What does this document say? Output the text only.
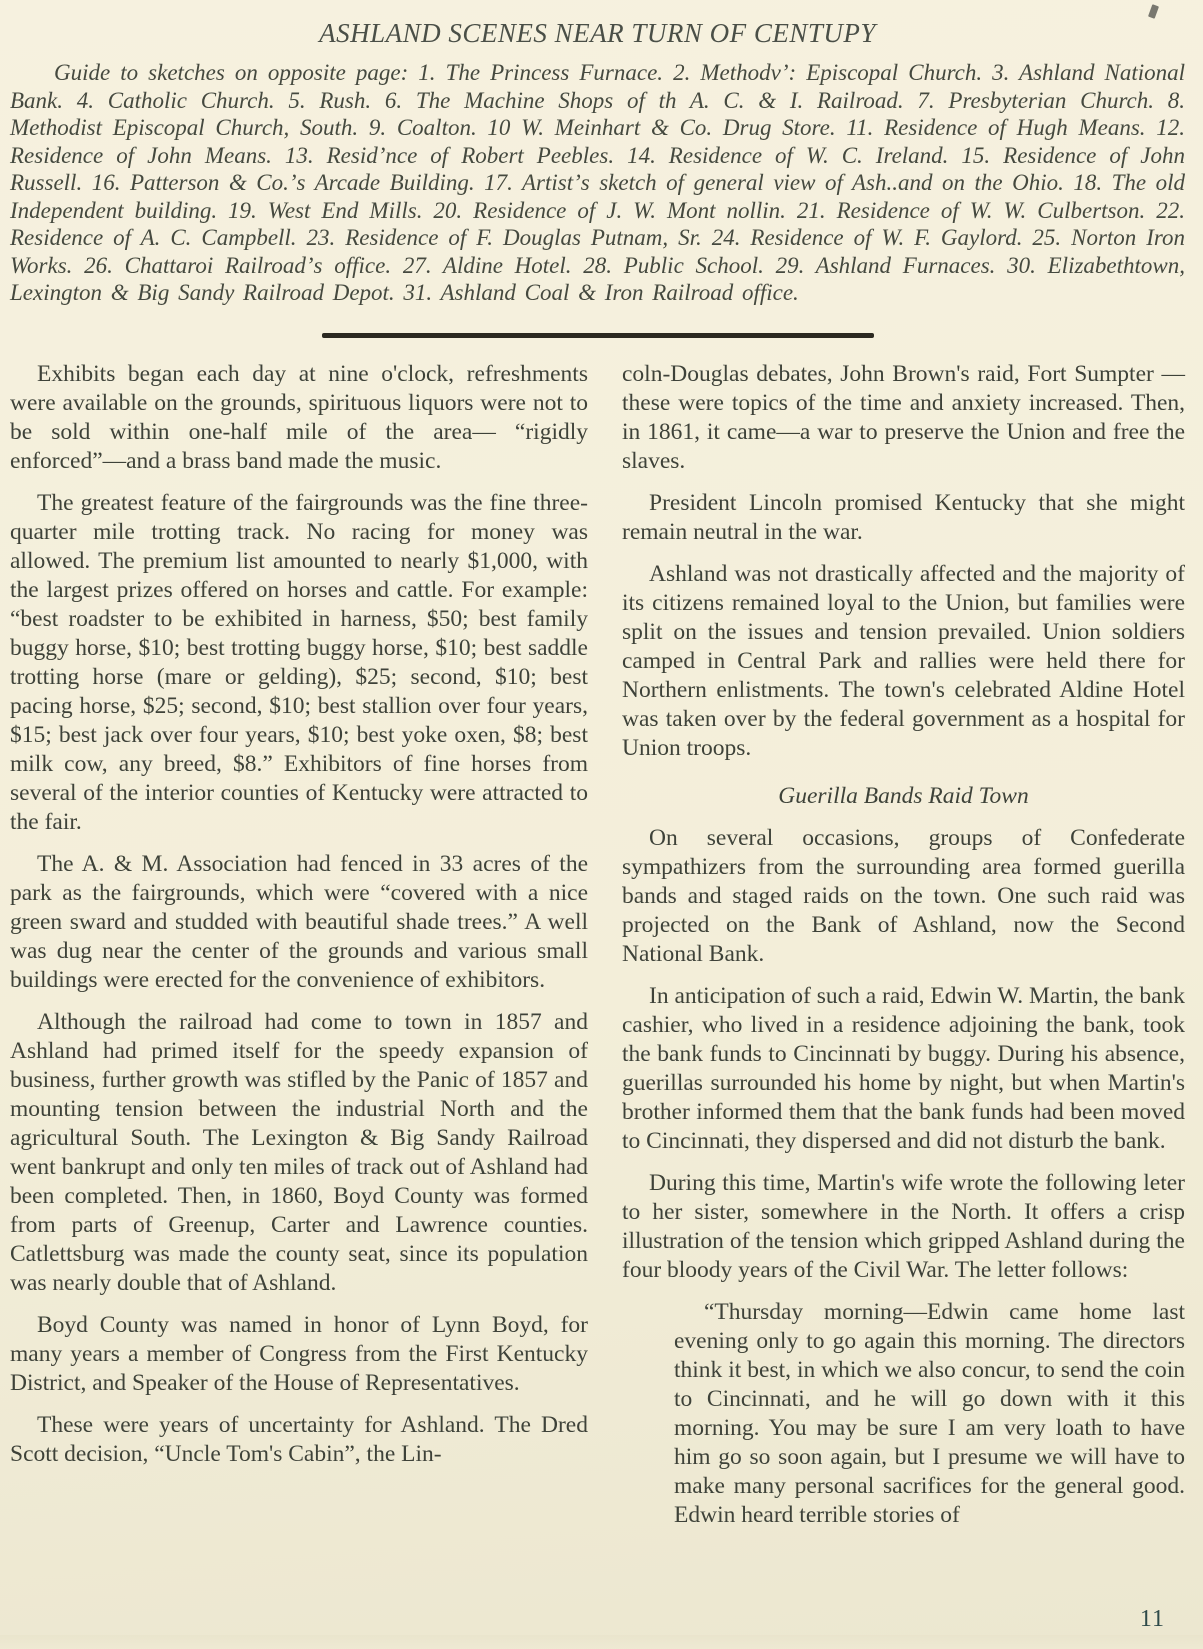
ASHLAND SCENES NEAR TURN OF CENTUPY

Guide to sketches on opposite page: 1. The Princess Furnace. 2. Methodvʼ: Episcopal Church. 3. Ashland National Bank. 4. Catholic Church. 5. Rush. 6. The Machine Shops of th A. C. & I. Railroad. 7. Presbyterian Church. 8. Methodist Episcopal Church, South. 9. Coalton. 10 W. Meinhart & Co. Drug Store. 11. Residence of Hugh Means. 12. Residence of John Means. 13. Residʼnce of Robert Peebles. 14. Residence of W. C. Ireland. 15. Residence of John Russell. 16. Patterson & Co.ʼs Arcade Building. 17. Artistʼs sketch of general view of Ash..and on the Ohio. 18. The old Independent building. 19. West End Mills. 20. Residence of J. W. Mont nollin. 21. Residence of W. W. Culbertson. 22. Residence of A. C. Campbell. 23. Residence of F. Douglas Putnam, Sr. 24. Residence of W. F. Gaylord. 25. Norton Iron Works. 26. Chattaroi Railroadʼs office. 27. Aldine Hotel. 28. Public School. 29. Ashland Furnaces. 30. Elizabethtown, Lexington & Big Sandy Railroad Depot. 31. Ashland Coal & Iron Railroad office.

Exhibits began each day at nine o'clock, refreshments were available on the grounds, spirituous liquors were not to be sold within one-half mile of the area— “rigidly enforced”—and a brass band made the music.

The greatest feature of the fairgrounds was the fine three-quarter mile trotting track. No racing for money was allowed. The premium list amounted to nearly $1,000, with the largest prizes offered on horses and cattle. For example: “best roadster to be exhibited in harness, $50; best family buggy horse, $10; best trotting buggy horse, $10; best saddle trotting horse (mare or gelding), $25; second, $10; best pacing horse, $25; second, $10; best stallion over four years, $15; best jack over four years, $10; best yoke oxen, $8; best milk cow, any breed, $8.” Exhibitors of fine horses from several of the interior counties of Kentucky were attracted to the fair.

The A. & M. Association had fenced in 33 acres of the park as the fairgrounds, which were “covered with a nice green sward and studded with beautiful shade trees.” A well was dug near the center of the grounds and various small buildings were erected for the convenience of exhibitors.

Although the railroad had come to town in 1857 and Ashland had primed itself for the speedy expansion of business, further growth was stifled by the Panic of 1857 and mounting tension between the industrial North and the agricultural South. The Lexington & Big Sandy Railroad went bankrupt and only ten miles of track out of Ashland had been completed. Then, in 1860, Boyd County was formed from parts of Greenup, Carter and Lawrence counties. Catlettsburg was made the county seat, since its population was nearly double that of Ashland.

Boyd County was named in honor of Lynn Boyd, for many years a member of Congress from the First Kentucky District, and Speaker of the House of Representatives.

These were years of uncertainty for Ashland. The Dred Scott decision, “Uncle Tom's Cabin”, the Lin-

coln-Douglas debates, John Brown's raid, Fort Sumpter —these were topics of the time and anxiety increased. Then, in 1861, it came—a war to preserve the Union and free the slaves.

President Lincoln promised Kentucky that she might remain neutral in the war.

Ashland was not drastically affected and the majority of its citizens remained loyal to the Union, but families were split on the issues and tension prevailed. Union soldiers camped in Central Park and rallies were held there for Northern enlistments. The town's celebrated Aldine Hotel was taken over by the federal government as a hospital for Union troops.

Guerilla Bands Raid Town

On several occasions, groups of Confederate sympathizers from the surrounding area formed guerilla bands and staged raids on the town. One such raid was projected on the Bank of Ashland, now the Second National Bank.

In anticipation of such a raid, Edwin W. Martin, the bank cashier, who lived in a residence adjoining the bank, took the bank funds to Cincinnati by buggy. During his absence, guerillas surrounded his home by night, but when Martin's brother informed them that the bank funds had been moved to Cincinnati, they dispersed and did not disturb the bank.

During this time, Martin's wife wrote the following leter to her sister, somewhere in the North. It offers a crisp illustration of the tension which gripped Ashland during the four bloody years of the Civil War. The letter follows:

“Thursday morning—Edwin came home last evening only to go again this morning. The directors think it best, in which we also concur, to send the coin to Cincinnati, and he will go down with it this morning. You may be sure I am very loath to have him go so soon again, but I presume we will have to make many personal sacrifices for the general good. Edwin heard terrible stories of

11
